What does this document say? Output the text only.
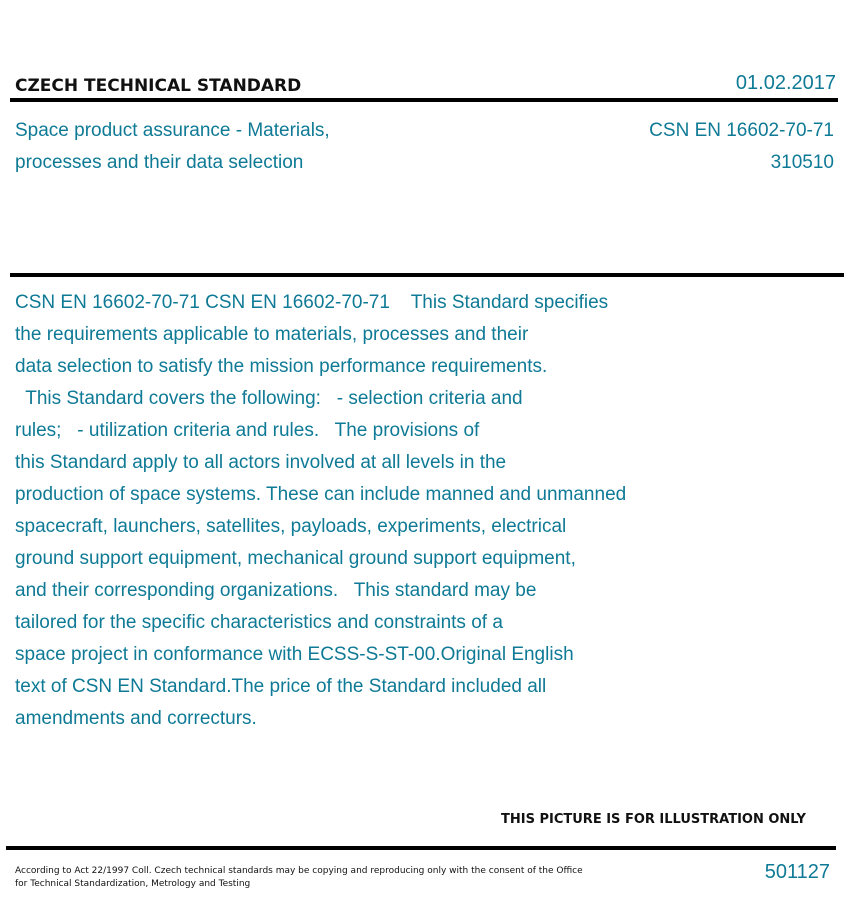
CZECH TECHNICAL STANDARD	01.02.2017
Space product assurance - Materials,
processes and their data selection
CSN EN 16602-70-71
310510
CSN EN 16602-70-71 CSN EN 16602-70-71    This Standard specifies
the requirements applicable to materials, processes and their
data selection to satisfy the mission performance requirements.
This Standard covers the following:   - selection criteria and
rules;   - utilization criteria and rules.   The provisions of
this Standard apply to all actors involved at all levels in the
production of space systems. These can include manned and unmanned
spacecraft, launchers, satellites, payloads, experiments, electrical
ground support equipment, mechanical ground support equipment,
and their corresponding organizations.   This standard may be
tailored for the specific characteristics and constraints of a
space project in conformance with ECSS-S-ST-00.Original English
text of CSN EN Standard.The price of the Standard included all
amendments and correcturs.
THIS PICTURE IS FOR ILLUSTRATION ONLY
According to Act 22/1997 Coll. Czech technical standards may be copying and reproducing only with the consent of the Office
for Technical Standardization, Metrology and Testing
501127
